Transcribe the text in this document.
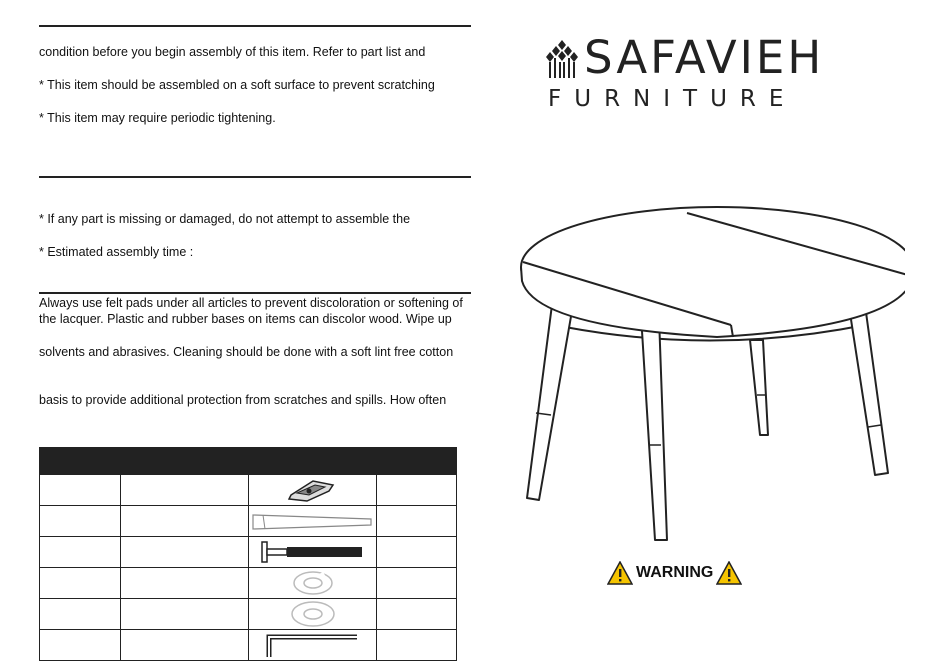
condition before you begin assembly of this item. Refer to part list and
* This item should be assembled on a soft surface to prevent scratching
* This item may require periodic tightening.
* If any part is missing or damaged, do not attempt to assemble the
* Estimated assembly time :
Always use felt pads under all articles to prevent discoloration or softening of the lacquer. Plastic and rubber bases on items can discolor wood. Wipe up
solvents and abrasives. Cleaning should be done with a soft lint free cotton
basis to provide additional protection from scratches and spills. How often
SAFAVIEH
FURNITURE
WARNING
